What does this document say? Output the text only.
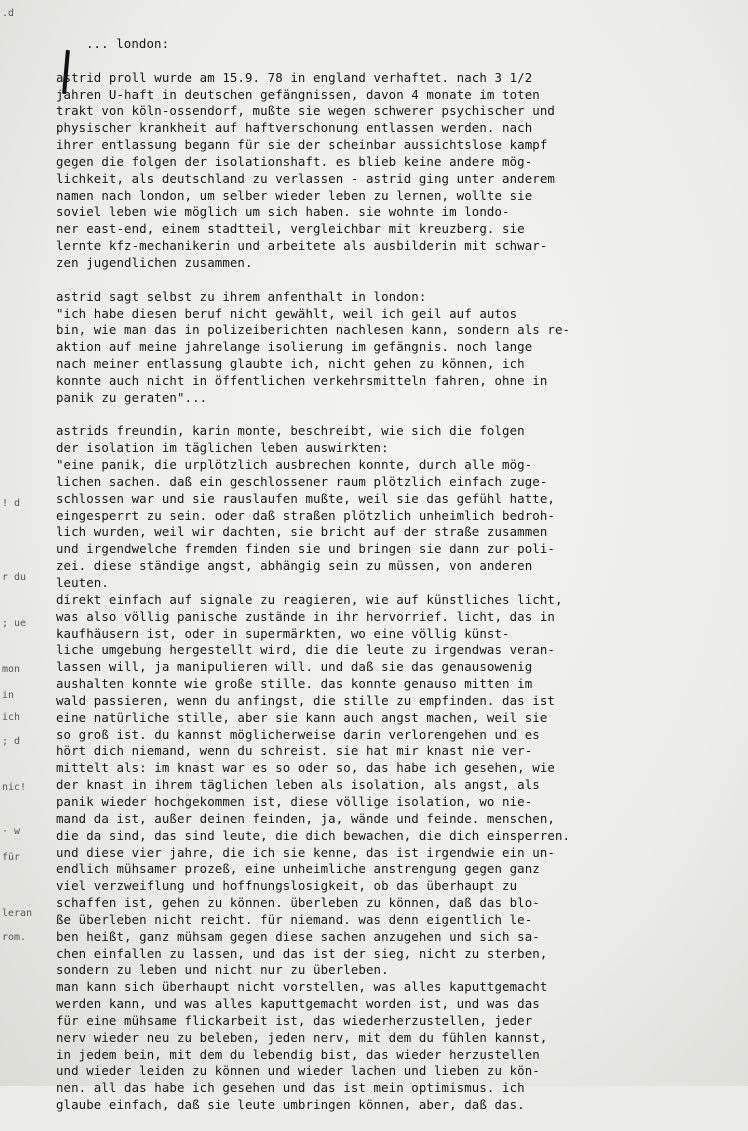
.d
! d
r du
; ue
mon
in
ich
; d
nic!
· w
für
leran
rom.
... london:
astrid proll wurde am 15.9. 78 in england verhaftet. nach 3 1/2
jahren U-haft in deutschen gefängnissen, davon 4 monate im toten
trakt von köln-ossendorf, mußte sie wegen schwerer psychischer und
physischer krankheit auf haftverschonung entlassen werden. nach
ihrer entlassung begann für sie der scheinbar aussichtslose kampf
gegen die folgen der isolationshaft. es blieb keine andere mög-
lichkeit, als deutschland zu verlassen - astrid ging unter anderem
namen nach london, um selber wieder leben zu lernen, wollte sie
soviel leben wie möglich um sich haben. sie wohnte im londo-
ner east-end, einem stadtteil, vergleichbar mit kreuzberg. sie
lernte kfz-mechanikerin und arbeitete als ausbilderin mit schwar-
zen jugendlichen zusammen.
astrid sagt selbst zu ihrem anfenthalt in london:
"ich habe diesen beruf nicht gewählt, weil ich geil auf autos
bin, wie man das in polizeiberichten nachlesen kann, sondern als re-
aktion auf meine jahrelange isolierung im gefängnis. noch lange
nach meiner entlassung glaubte ich, nicht gehen zu können, ich
konnte auch nicht in öffentlichen verkehrsmitteln fahren, ohne in
panik zu geraten"...
astrids freundin, karin monte, beschreibt, wie sich die folgen
der isolation im täglichen leben auswirkten:
"eine panik, die urplötzlich ausbrechen konnte, durch alle mög-
lichen sachen. daß ein geschlossener raum plötzlich einfach zuge-
schlossen war und sie rauslaufen mußte, weil sie das gefühl hatte,
eingesperrt zu sein. oder daß straßen plötzlich unheimlich bedroh-
lich wurden, weil wir dachten, sie bricht auf der straße zusammen
und irgendwelche fremden finden sie und bringen sie dann zur poli-
zei. diese ständige angst, abhängig sein zu müssen, von anderen
leuten.
direkt einfach auf signale zu reagieren, wie auf künstliches licht,
was also völlig panische zustände in ihr hervorrief. licht, das in
kaufhäusern ist, oder in supermärkten, wo eine völlig künst-
liche umgebung hergestellt wird, die die leute zu irgendwas veran-
lassen will, ja manipulieren will. und daß sie das genausowenig
aushalten konnte wie große stille. das konnte genauso mitten im
wald passieren, wenn du anfingst, die stille zu empfinden. das ist
eine natürliche stille, aber sie kann auch angst machen, weil sie
so groß ist. du kannst möglicherweise darin verlorengehen und es
hört dich niemand, wenn du schreist. sie hat mir knast nie ver-
mittelt als: im knast war es so oder so, das habe ich gesehen, wie
der knast in ihrem täglichen leben als isolation, als angst, als
panik wieder hochgekommen ist, diese völlige isolation, wo nie-
mand da ist, außer deinen feinden, ja, wände und feinde. menschen,
die da sind, das sind leute, die dich bewachen, die dich einsperren.
und diese vier jahre, die ich sie kenne, das ist irgendwie ein un-
endlich mühsamer prozeß, eine unheimliche anstrengung gegen ganz
viel verzweiflung und hoffnungslosigkeit, ob das überhaupt zu
schaffen ist, gehen zu können. überleben zu können, daß das blo-
ße überleben nicht reicht. für niemand. was denn eigentlich le-
ben heißt, ganz mühsam gegen diese sachen anzugehen und sich sa-
chen einfallen zu lassen, und das ist der sieg, nicht zu sterben,
sondern zu leben und nicht nur zu überleben.
man kann sich überhaupt nicht vorstellen, was alles kaputtgemacht
werden kann, und was alles kaputtgemacht worden ist, und was das
für eine mühsame flickarbeit ist, das wiederherzustellen, jeder
nerv wieder neu zu beleben, jeden nerv, mit dem du fühlen kannst,
in jedem bein, mit dem du lebendig bist, das wieder herzustellen
und wieder leiden zu können und wieder lachen und lieben zu kön-
nen. all das habe ich gesehen und das ist mein optimismus. ich
glaube einfach, daß sie leute umbringen können, aber, daß das.
